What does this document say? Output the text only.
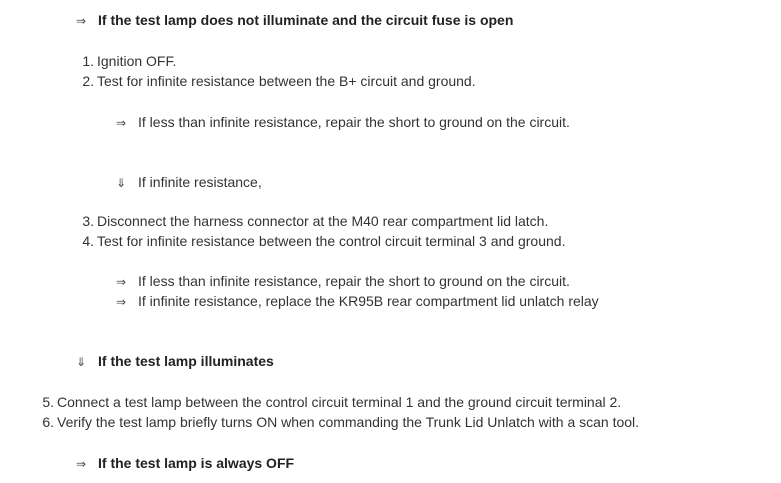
⇒ If the test lamp does not illuminate and the circuit fuse is open
1. Ignition OFF.
2. Test for infinite resistance between the B+ circuit and ground.
⇒ If less than infinite resistance, repair the short to ground on the circuit.
⇓ If infinite resistance,
3. Disconnect the harness connector at the M40 rear compartment lid latch.
4. Test for infinite resistance between the control circuit terminal 3 and ground.
⇒ If less than infinite resistance, repair the short to ground on the circuit.
⇒ If infinite resistance, replace the KR95B rear compartment lid unlatch relay
⇓ If the test lamp illuminates
5. Connect a test lamp between the control circuit terminal 1 and the ground circuit terminal 2.
6. Verify the test lamp briefly turns ON when commanding the Trunk Lid Unlatch with a scan tool.
⇒ If the test lamp is always OFF
